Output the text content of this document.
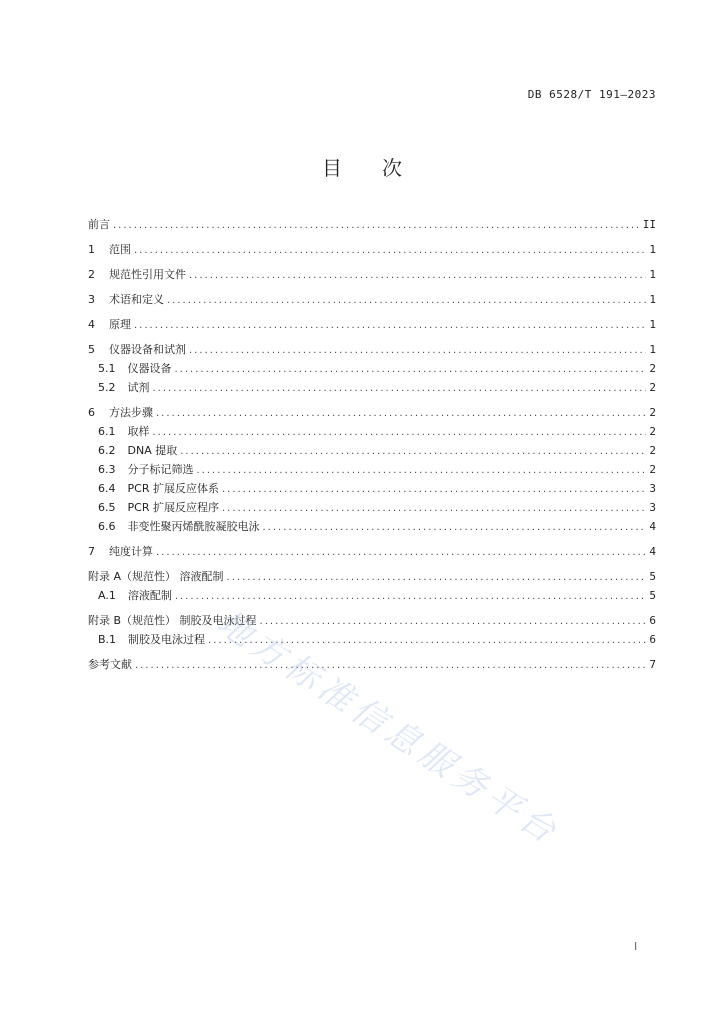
DB 6528/T 191—2023
目次
前言 .....	II
1 范围 .....	1
2 规范性引用文件 .....	1
3 术语和定义 .....	1
4 原理 .....	1
5 仪器设备和试剂 .....	1
5.1 仪器设备 .....	2
5.2 试剂 .....	2
6 方法步骤 .....	2
6.1 取样 .....	2
6.2 DNA 提取 .....	2
6.3 分子标记筛选 .....	2
6.4 PCR 扩展反应体系 .....	3
6.5 PCR 扩展反应程序 .....	3
6.6 非变性聚丙烯酰胺凝胶电泳 .....	4
7 纯度计算 .....	4
附录 A（规范性） 溶液配制 .....	5
A.1 溶液配制 .....	5
附录 B（规范性） 制胶及电泳过程 .....	6
B.1 制胶及电泳过程 .....	6
参考文献 .....	7
地方标准信息服务平台
I
